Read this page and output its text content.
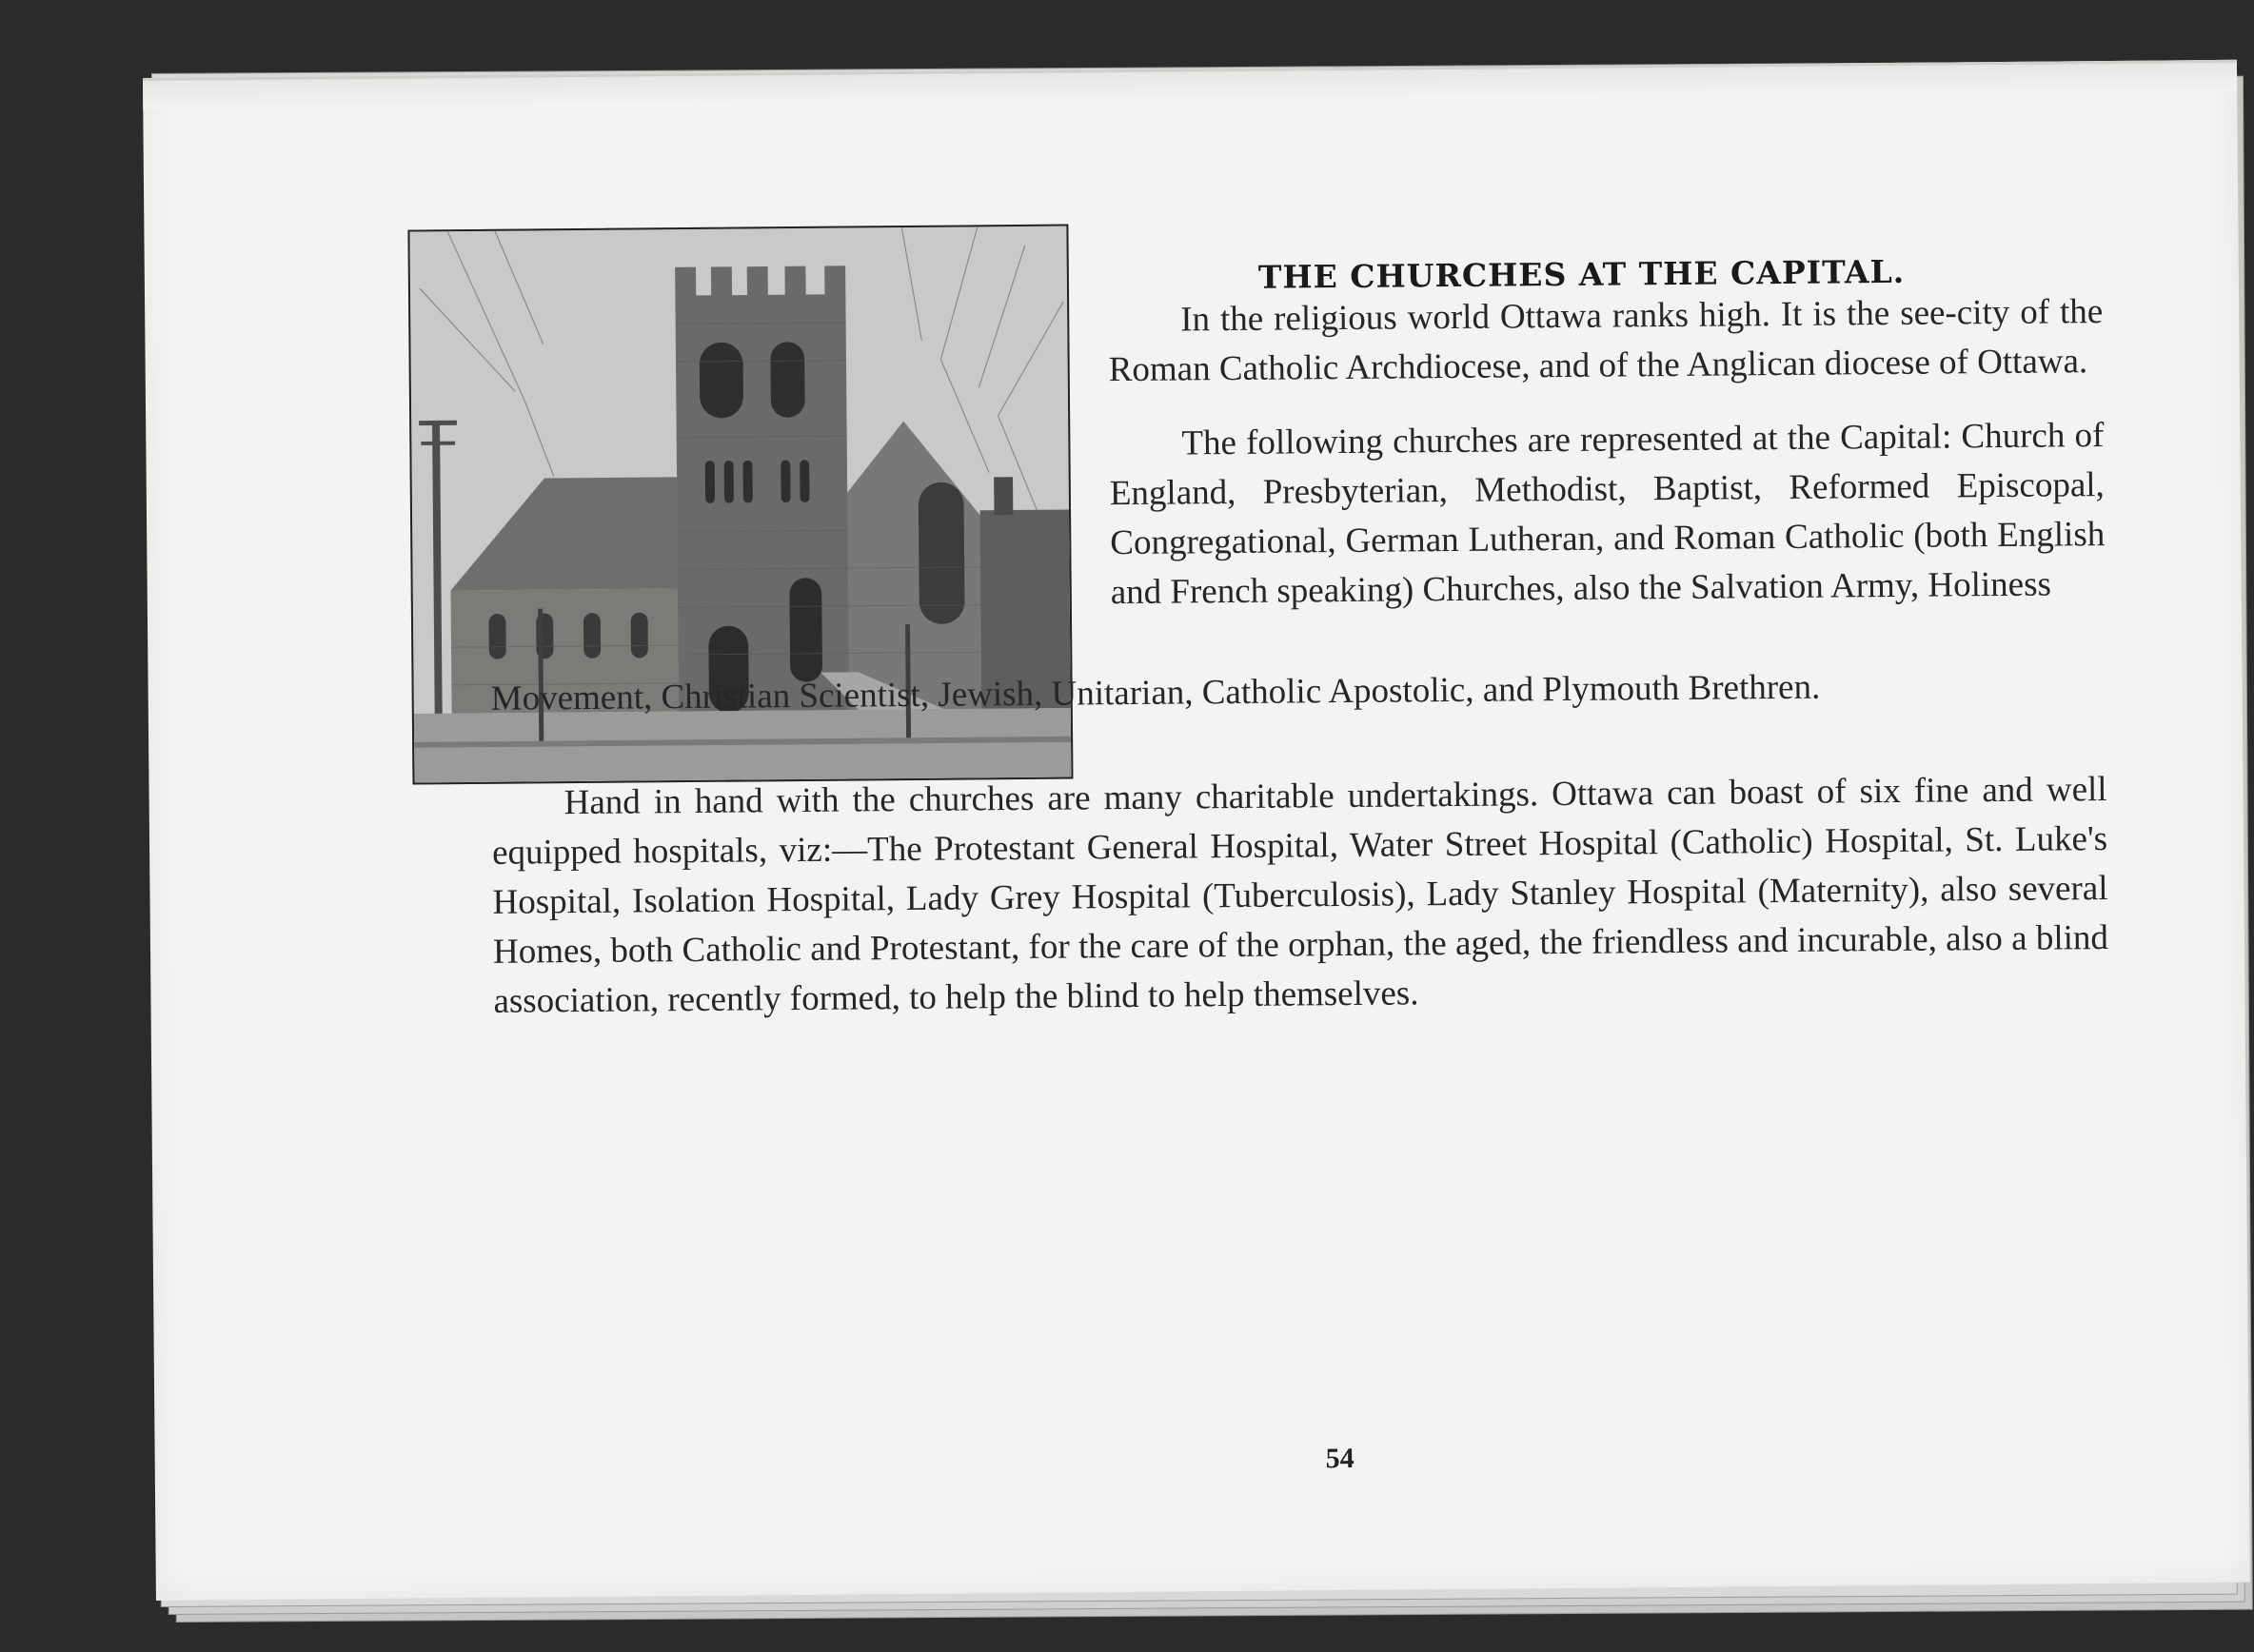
THE CHURCHES AT THE CAPITAL.

In the religious world Ottawa ranks high. It is the see-city of the Roman Catholic Archdiocese, and of the Anglican diocese of Ottawa.

The following churches are represented at the Capital: Church of England, Presbyterian, Methodist, Baptist, Reformed Episcopal, Congregational, German Lutheran, and Roman Catholic (both English and French speaking) Churches, also the Salvation Army, Holiness

Movement, Christian Scientist, Jewish, Unitarian, Catholic Apostolic, and Plymouth Brethren.

Hand in hand with the churches are many charitable undertakings. Ottawa can boast of six fine and well equipped hospitals, viz:—The Protestant General Hospital, Water Street Hospital (Catholic) Hospital, St. Luke's Hospital, Isolation Hospital, Lady Grey Hospital (Tuberculosis), Lady Stanley Hospital (Maternity), also several Homes, both Catholic and Protestant, for the care of the orphan, the aged, the friendless and incurable, also a blind association, recently formed, to help the blind to help themselves.

54
